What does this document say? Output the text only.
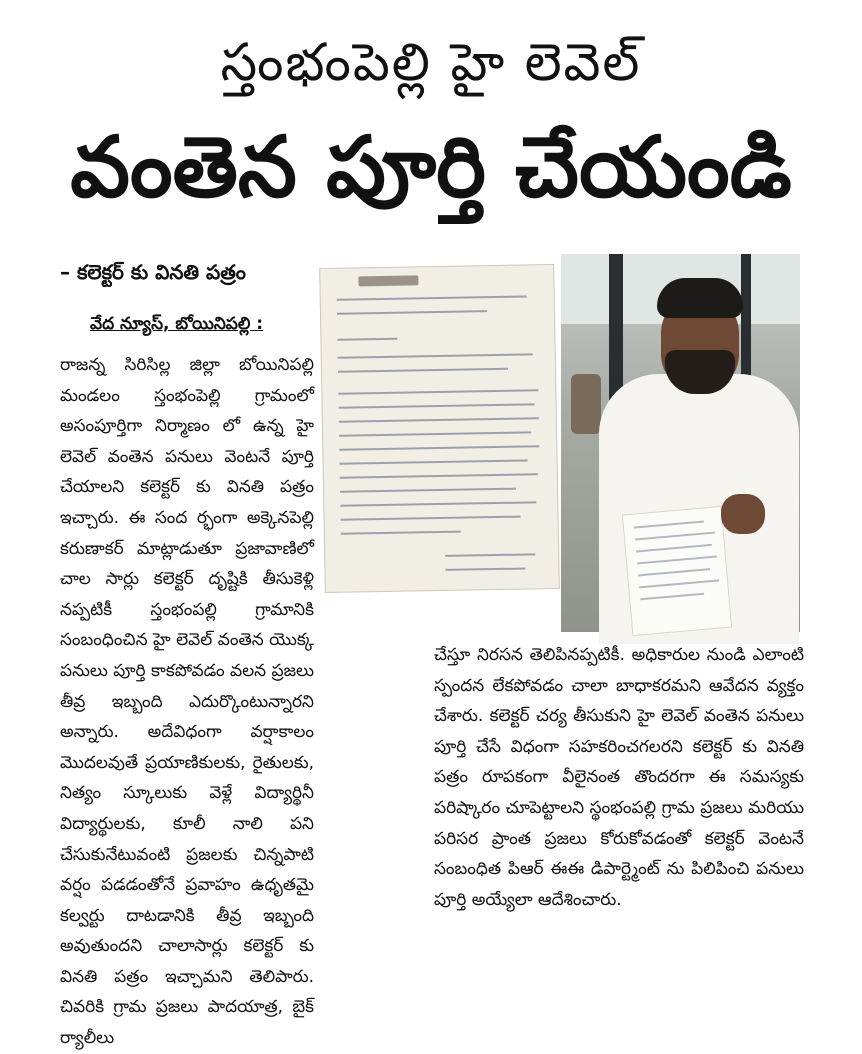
స్తంభంపెల్లి హై లెవెల్
వంతెన పూర్తి చేయండి
– కలెక్టర్ కు వినతి పత్రం
వేద న్యూస్, బోయినిపల్లి :

రాజన్న సిరిసిల్ల జిల్లా బోయినిపల్లి మండలం స్తంభంపెల్లి గ్రామంలో అసంపూర్తిగా నిర్మాణం లో ఉన్న హై లెవెల్ వంతెన పనులు వెంటనే పూర్తి చేయాలని కలెక్టర్ కు వినతి పత్రం ఇచ్చారు. ఈ సంద ర్భంగా అక్కెనపెల్లి కరుణాకర్ మాట్లాడుతూ ప్రజావాణిలో చాల సార్లు కలెక్టర్ దృష్టికి తీసుకెళ్లి నప్పటికీ స్తంభంపల్లి గ్రామానికి సంబంధించిన హై లెవెల్ వంతెన యొక్క పనులు పూర్తి కాకపోవడం వలన ప్రజలు తీవ్ర ఇబ్బంది ఎదుర్కొంటున్నారని అన్నారు. అదేవిధంగా వర్షాకాలం మొదలవుతే ప్రయాణికులకు, రైతులకు, నిత్యం స్కూలుకు వెళ్లే విద్యార్థినీ విద్యార్థులకు, కూలీ నాలి పని చేసుకునేటువంటి ప్రజలకు చిన్నపాటి వర్షం పడడంతోనే ప్రవాహం ఉధృతమై కల్వర్టు దాటడానికి తీవ్ర ఇబ్బంది అవుతుందని చాలాసార్లు కలెక్టర్ కు వినతి పత్రం ఇచ్చామని తెలిపారు. చివరికి గ్రామ ప్రజలు పాదయాత్ర, బైక్ ర్యాలీలు

చేస్తూ నిరసన తెలిపినప్పటికీ. అధికారుల నుండి ఎలాంటి స్పందన లేకపోవడం చాలా బాధాకరమని ఆవేదన వ్యక్తం చేశారు. కలెక్టర్ చర్య తీసుకుని హై లెవెల్ వంతెన పనులు పూర్తి చేసే విధంగా సహకరించగలరని కలెక్టర్ కు వినతి పత్రం రూపకంగా వీలైనంత తొందరగా ఈ సమస్యకు పరిష్కారం చూపెట్టాలని స్థంభంపల్లి గ్రామ ప్రజలు మరియు పరిసర ప్రాంత ప్రజలు కోరుకోవడంతో కలెక్టర్ వెంటనే సంబంధిత పిఆర్ ఈఈ డిపార్ట్మెంట్ ను పిలిపించి పనులు పూర్తి అయ్యేలా ఆదేశించారు.
